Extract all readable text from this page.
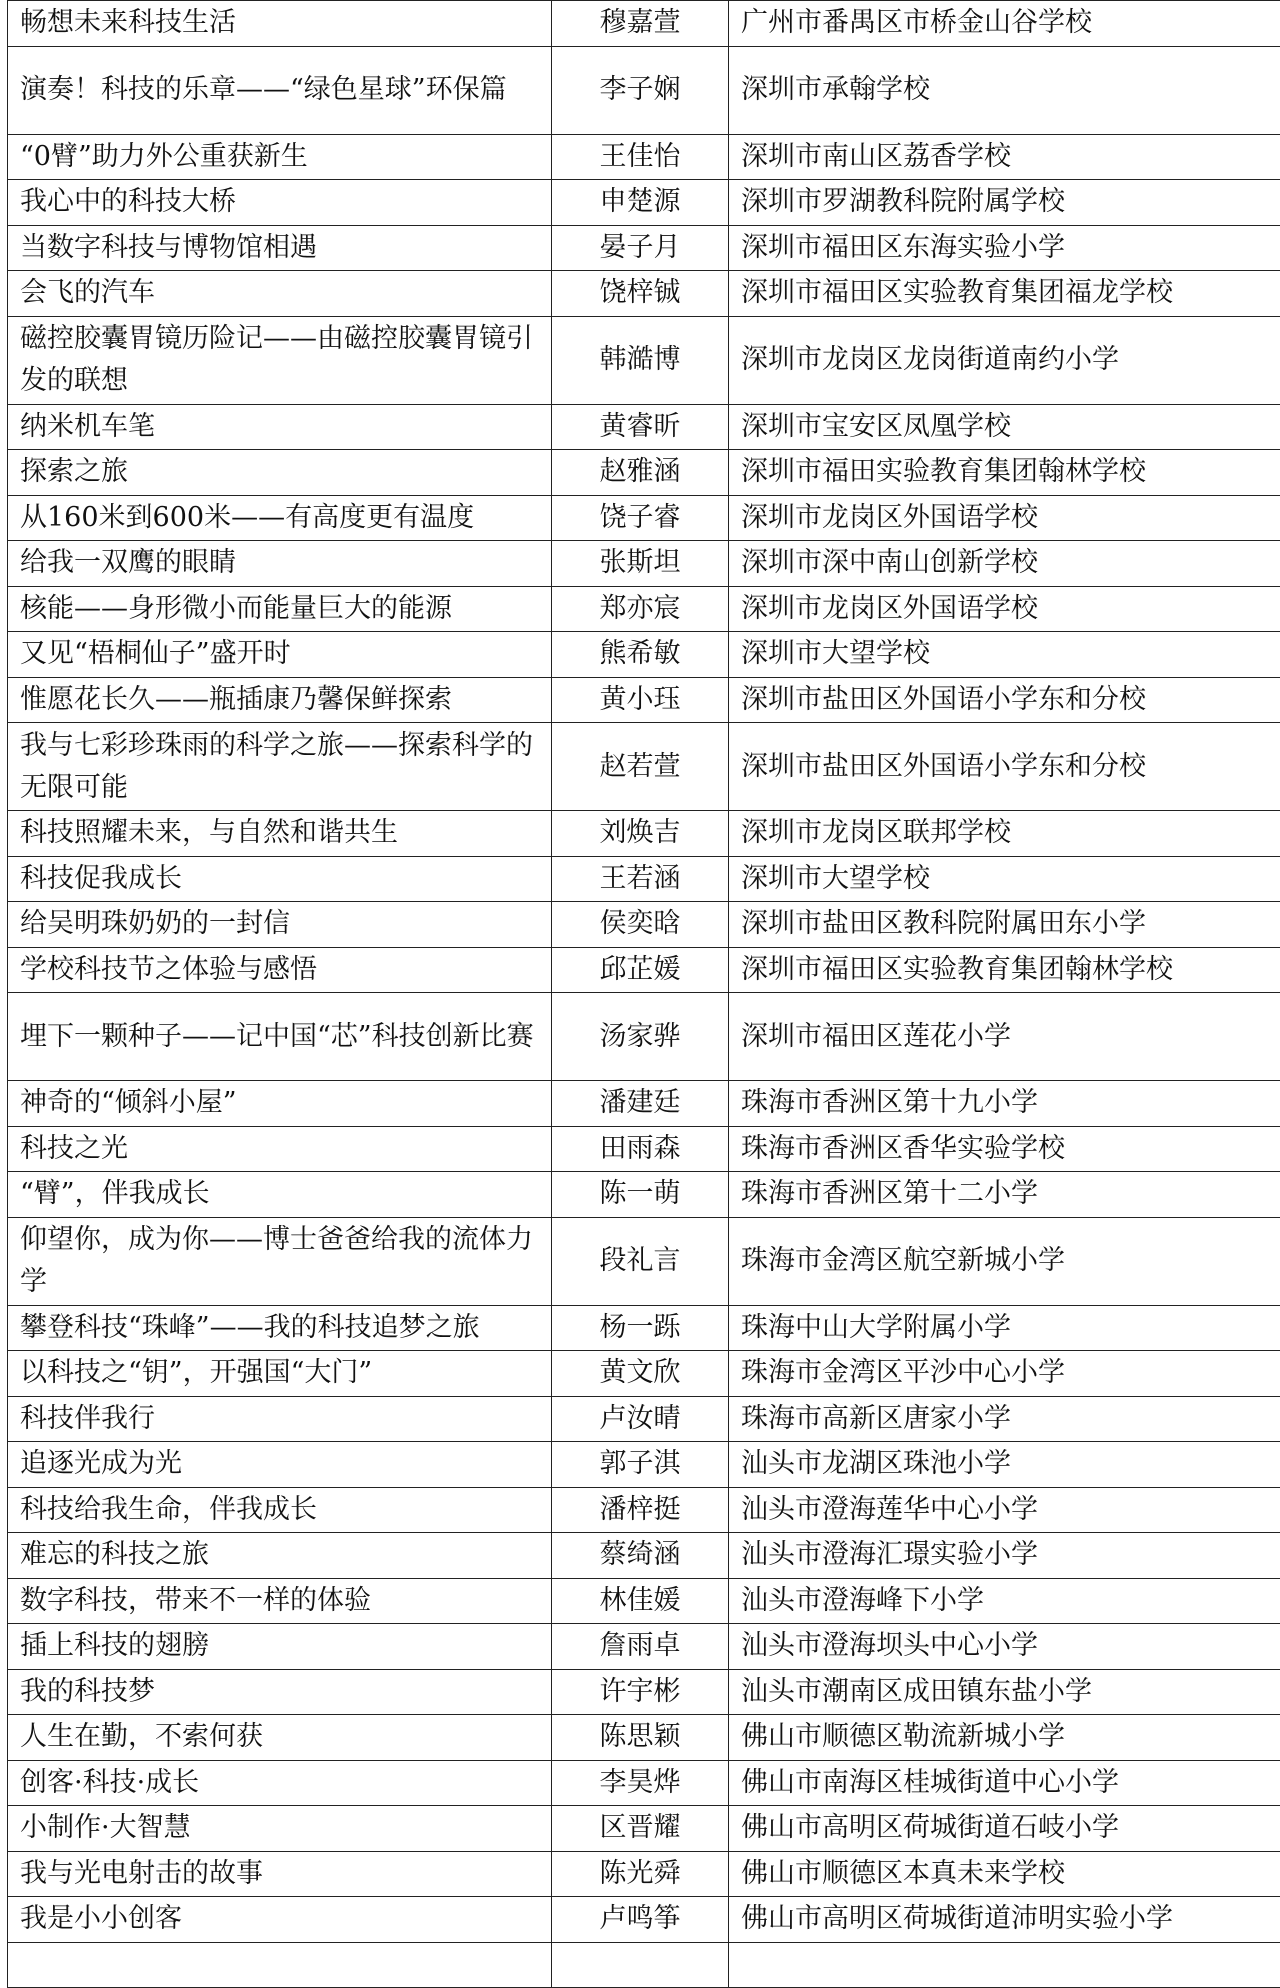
畅想未来科技生活	穆嘉萱	广州市番禺区市桥金山谷学校
演奏！科技的乐章——“绿色星球”环保篇	李子娴	深圳市承翰学校
“0臂”助力外公重获新生	王佳怡	深圳市南山区荔香学校
我心中的科技大桥	申楚源	深圳市罗湖教科院附属学校
当数字科技与博物馆相遇	晏子月	深圳市福田区东海实验小学
会飞的汽车	饶梓铖	深圳市福田区实验教育集团福龙学校
磁控胶囊胃镜历险记——由磁控胶囊胃镜引发的联想	韩澔博	深圳市龙岗区龙岗街道南约小学
纳米机车笔	黄睿昕	深圳市宝安区凤凰学校
探索之旅	赵雅涵	深圳市福田实验教育集团翰林学校
从160米到600米——有高度更有温度	饶子睿	深圳市龙岗区外国语学校
给我一双鹰的眼睛	张斯坦	深圳市深中南山创新学校
核能——身形微小而能量巨大的能源	郑亦宸	深圳市龙岗区外国语学校
又见“梧桐仙子”盛开时	熊希敏	深圳市大望学校
惟愿花长久——瓶插康乃馨保鲜探索	黄小珏	深圳市盐田区外国语小学东和分校
我与七彩珍珠雨的科学之旅——探索科学的无限可能	赵若萱	深圳市盐田区外国语小学东和分校
科技照耀未来，与自然和谐共生	刘焕吉	深圳市龙岗区联邦学校
科技促我成长	王若涵	深圳市大望学校
给吴明珠奶奶的一封信	侯奕晗	深圳市盐田区教科院附属田东小学
学校科技节之体验与感悟	邱芷媛	深圳市福田区实验教育集团翰林学校
埋下一颗种子——记中国“芯”科技创新比赛	汤家骅	深圳市福田区莲花小学
神奇的“倾斜小屋”	潘建廷	珠海市香洲区第十九小学
科技之光	田雨森	珠海市香洲区香华实验学校
“臂”，伴我成长	陈一萌	珠海市香洲区第十二小学
仰望你，成为你——博士爸爸给我的流体力学	段礼言	珠海市金湾区航空新城小学
攀登科技“珠峰”——我的科技追梦之旅	杨一跞	珠海中山大学附属小学
以科技之“钥”，开强国“大门”	黄文欣	珠海市金湾区平沙中心小学
科技伴我行	卢汝晴	珠海市高新区唐家小学
追逐光成为光	郭子淇	汕头市龙湖区珠池小学
科技给我生命，伴我成长	潘梓挺	汕头市澄海莲华中心小学
难忘的科技之旅	蔡绮涵	汕头市澄海汇璟实验小学
数字科技，带来不一样的体验	林佳媛	汕头市澄海峰下小学
插上科技的翅膀	詹雨卓	汕头市澄海坝头中心小学
我的科技梦	许宇彬	汕头市潮南区成田镇东盐小学
人生在勤，不索何获	陈思颖	佛山市顺德区勒流新城小学
创客·科技·成长	李昊烨	佛山市南海区桂城街道中心小学
小制作·大智慧	区晋耀	佛山市高明区荷城街道石岐小学
我与光电射击的故事	陈光舜	佛山市顺德区本真未来学校
我是小小创客	卢鸣筝	佛山市高明区荷城街道沛明实验小学
